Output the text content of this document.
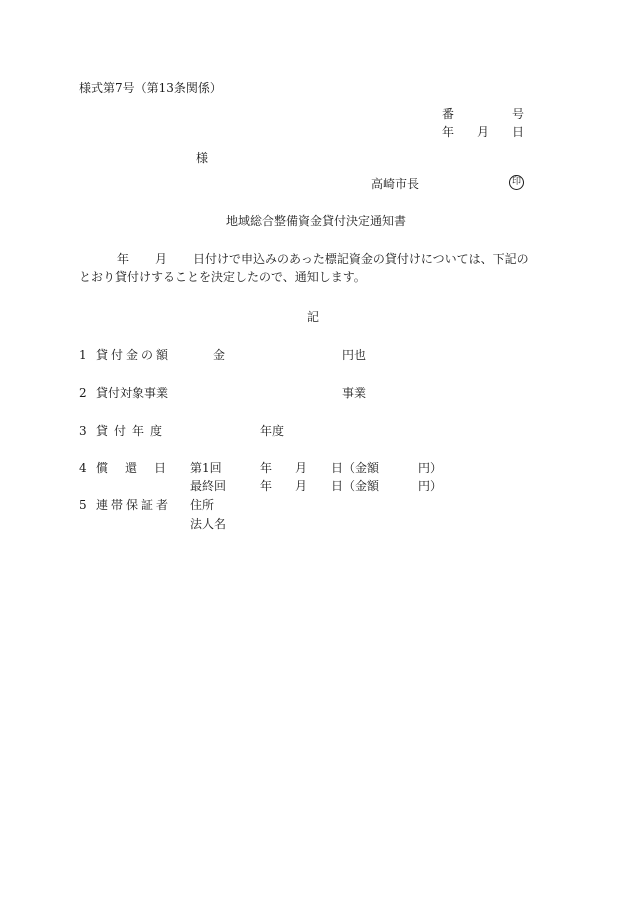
様式第7号（第13条関係）
番	号
年 月 日
様
高崎市長	印
地域総合整備資金貸付決定通知書
年 月 日付けで申込みのあった標記資金の貸付けについては、下記の
とおり貸付けすることを決定したので、通知します。
記
1 貸付金の額	金	円也
2 貸付対象事業	事業
3 貸付年度	年度
4 償還日 第1回	年 月 日（金額	円）
最終回	年 月 日（金額	円）
5 連帯保証者 住所
法人名
